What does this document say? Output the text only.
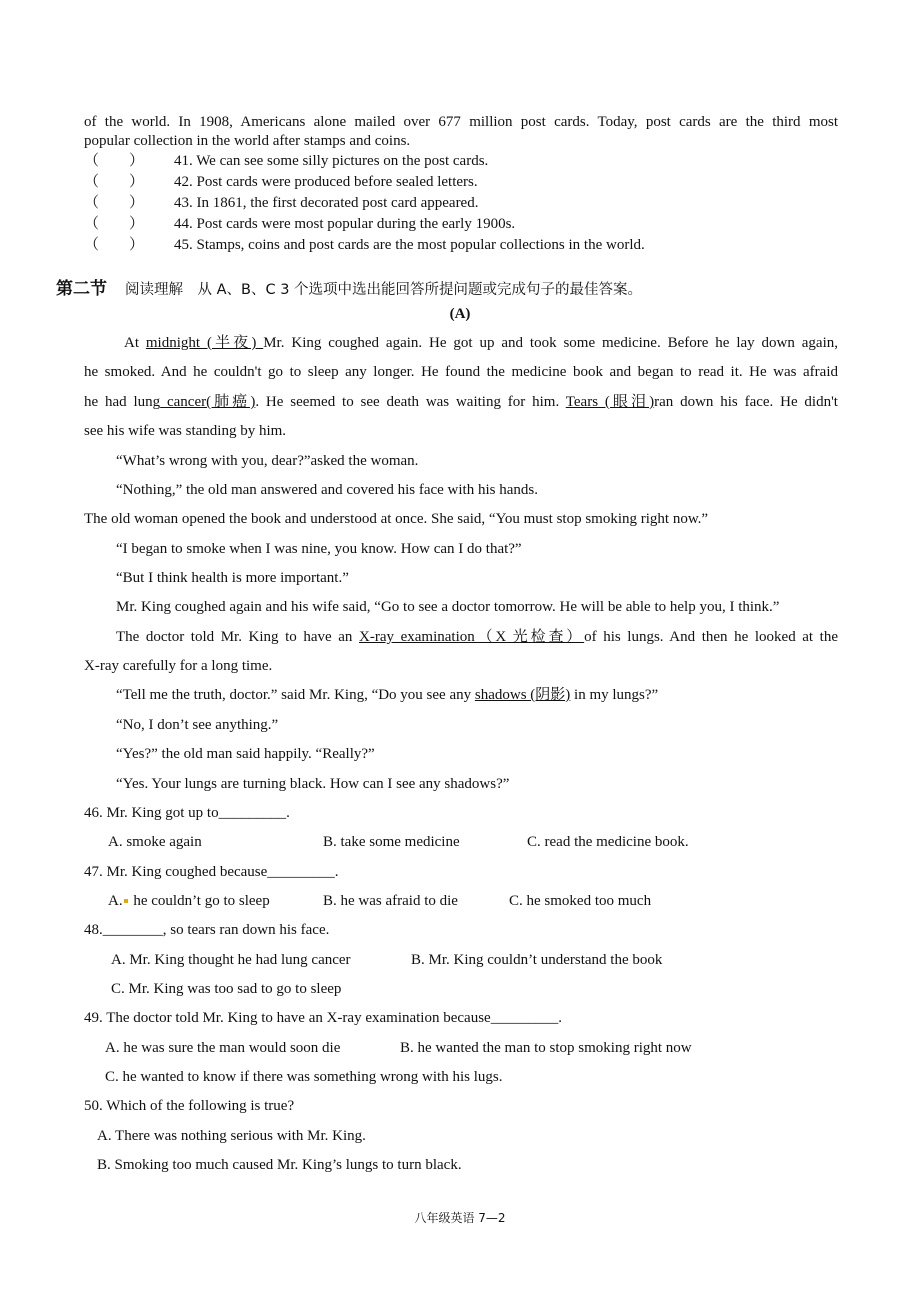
of the world. In 1908, Americans alone mailed over 677 million post cards. Today, post cards are the third most
popular collection in the world after stamps and coins.
（　　） 41. We can see some silly pictures on the post cards.
（　　） 42. Post cards were produced before sealed letters.
（　　） 43. In 1861, the first decorated post card appeared.
（　　） 44. Post cards were most popular during the early 1900s.
（　　） 45. Stamps, coins and post cards are the most popular collections in the world.
第二节 阅读理解　从 A、B、C 3 个选项中选出能回答所提问题或完成句子的最佳答案。
(A)
At midnight (半夜) Mr. King coughed again. He got up and took some medicine. Before he lay down again,
he smoked. And he couldn't go to sleep any longer. He found the medicine book and began to read it. He was afraid
he had lung cancer(肺癌). He seemed to see death was waiting for him. Tears (眼泪)ran down his face. He didn't
see his wife was standing by him.
“What’s wrong with you, dear?”asked the woman.
“Nothing,” the old man answered and covered his face with his hands.
The old woman opened the book and understood at once. She said, “You must stop smoking right now.”
“I began to smoke when I was nine, you know. How can I do that?”
“But I think health is more important.”
Mr. King coughed again and his wife said, “Go to see a doctor tomorrow. He will be able to help you, I think.”
The doctor told Mr. King to have an X-ray examination（X 光检查）of his lungs. And then he looked at the
X-ray carefully for a long time.
“Tell me the truth, doctor.” said Mr. King, “Do you see any shadows (阴影) in my lungs?”
“No, I don’t see anything.”
“Yes?” the old man said happily. “Really?”
“Yes. Your lungs are turning black. How can I see any shadows?”
46. Mr. King got up to_________.
A. smoke again	B. take some medicine	C. read the medicine book.
47. Mr. King coughed because_________.
A. he couldn’t go to sleep	B. he was afraid to die	C. he smoked too much
48.________, so tears ran down his face.
A. Mr. King thought he had lung cancer	B. Mr. King couldn’t understand the book
C. Mr. King was too sad to go to sleep
49. The doctor told Mr. King to have an X-ray examination because_________.
A. he was sure the man would soon die	B. he wanted the man to stop smoking right now
C. he wanted to know if there was something wrong with his lugs.
50. Which of the following is true?
A. There was nothing serious with Mr. King.
B. Smoking too much caused Mr. King’s lungs to turn black.
八年级英语 7—2
